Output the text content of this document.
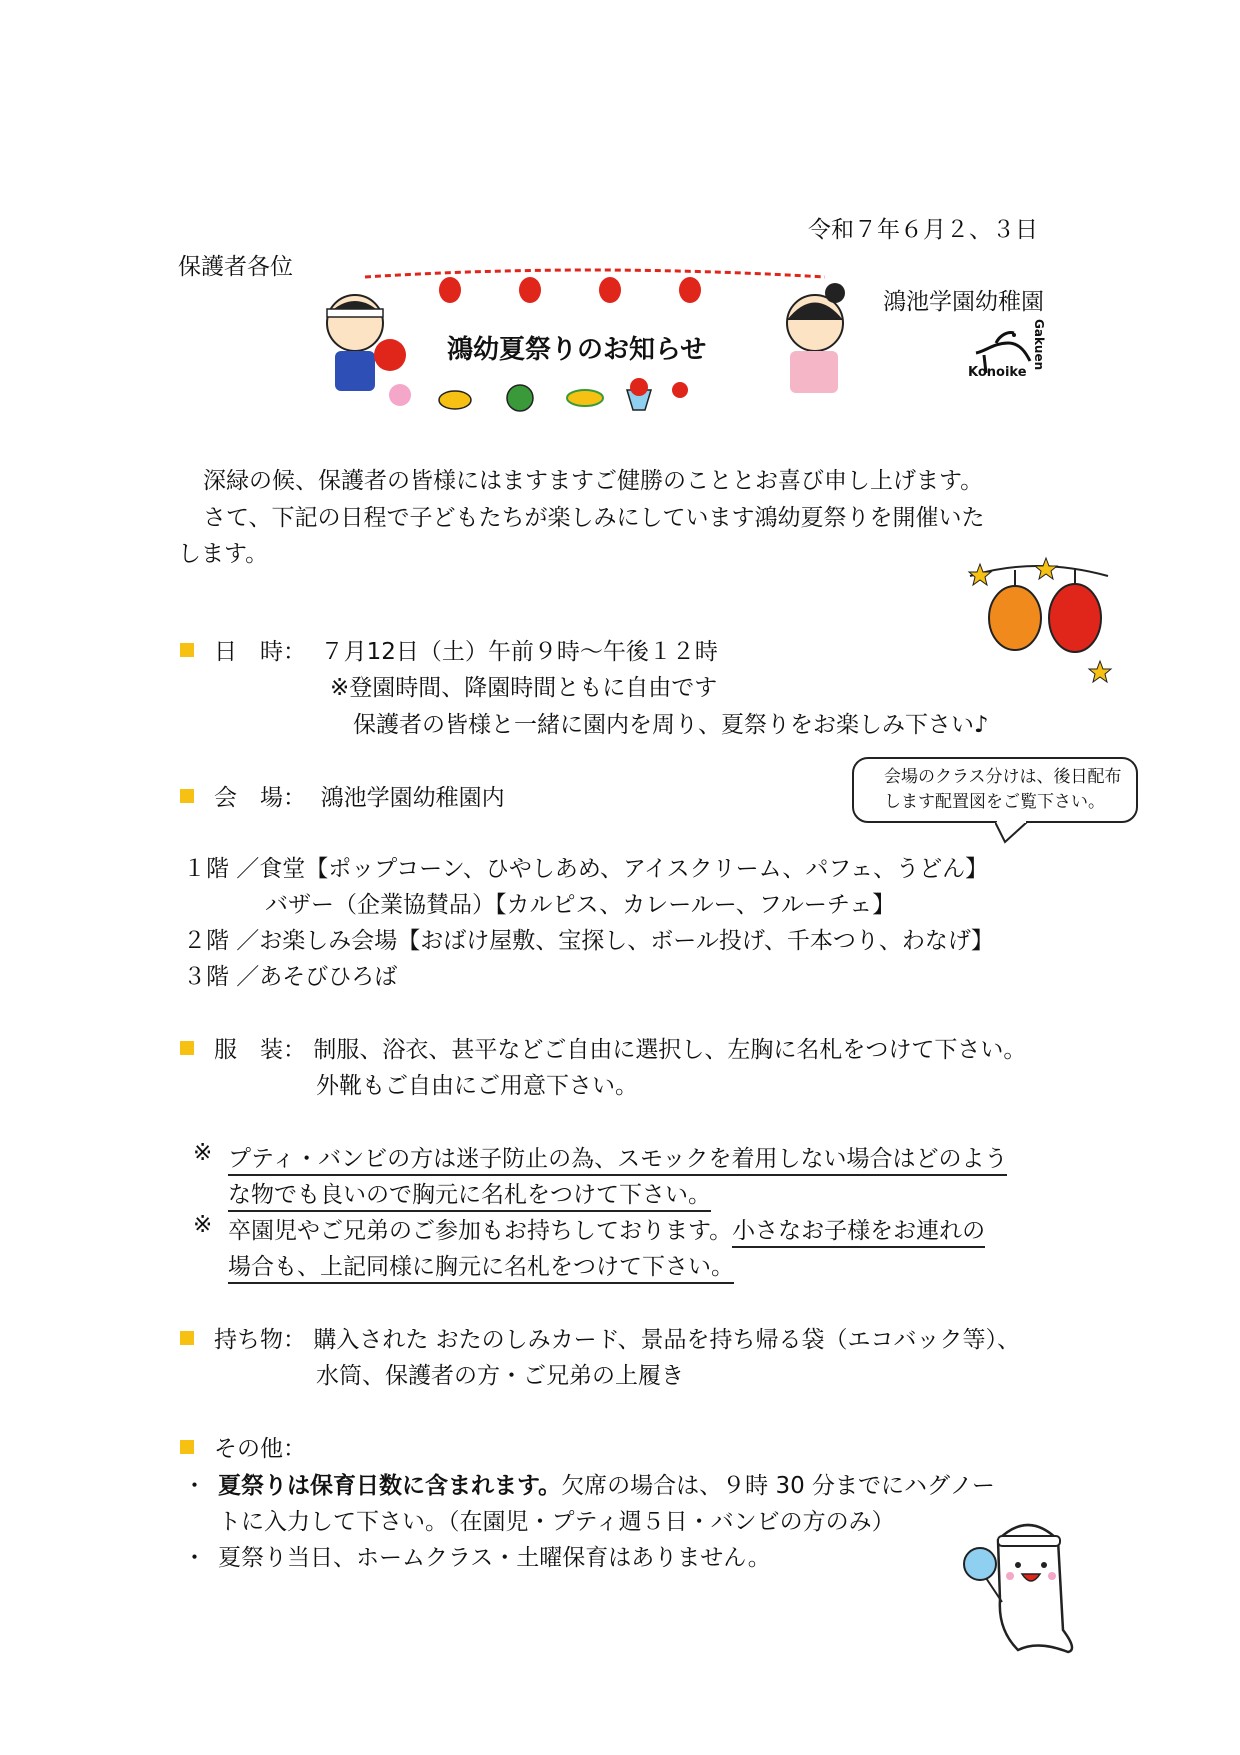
令和７年６月２、３日
保護者各位
鴻池学園幼稚園
Konoike
Gakuen
鴻幼夏祭りのお知らせ
深緑の候、保護者の皆様にはますますご健勝のこととお喜び申し上げます。
さて、下記の日程で子どもたちが楽しみにしています鴻幼夏祭りを開催いた
します。
日　時： ７月12日（土）午前９時～午後１２時
※登園時間、降園時間ともに自由です
保護者の皆様と一緒に園内を周り、夏祭りをお楽しみ下さい♪
会　場： 鴻池学園幼稚園内
会場のクラス分けは、後日配布
します配置図をご覧下さい。
１階 ／食堂【ポップコーン、ひやしあめ、アイスクリーム、パフェ、うどん】
バザー（企業協賛品）【カルピス、カレールー、フルーチェ】
２階 ／お楽しみ会場【おばけ屋敷、宝探し、ボール投げ、千本つり、わなげ】
３階 ／あそびひろば
服　装： 制服、浴衣、甚平などご自由に選択し、左胸に名札をつけて下さい。
外靴もご自由にご用意下さい。
※ プティ・バンビの方は迷子防止の為、スモックを着用しない場合はどのよう
な物でも良いので胸元に名札をつけて下さい。
※ 卒園児やご兄弟のご参加もお持ちしております。小さなお子様をお連れの
場合も、上記同様に胸元に名札をつけて下さい。
持ち物： 購入された おたのしみカード、景品を持ち帰る袋（エコバック等）、
水筒、保護者の方・ご兄弟の上履き
その他：
・ 夏祭りは保育日数に含まれます。欠席の場合は、９時 30 分までにハグノー
トに入力して下さい。（在園児・プティ週５日・バンビの方のみ）
・ 夏祭り当日、ホームクラス・土曜保育はありません。
